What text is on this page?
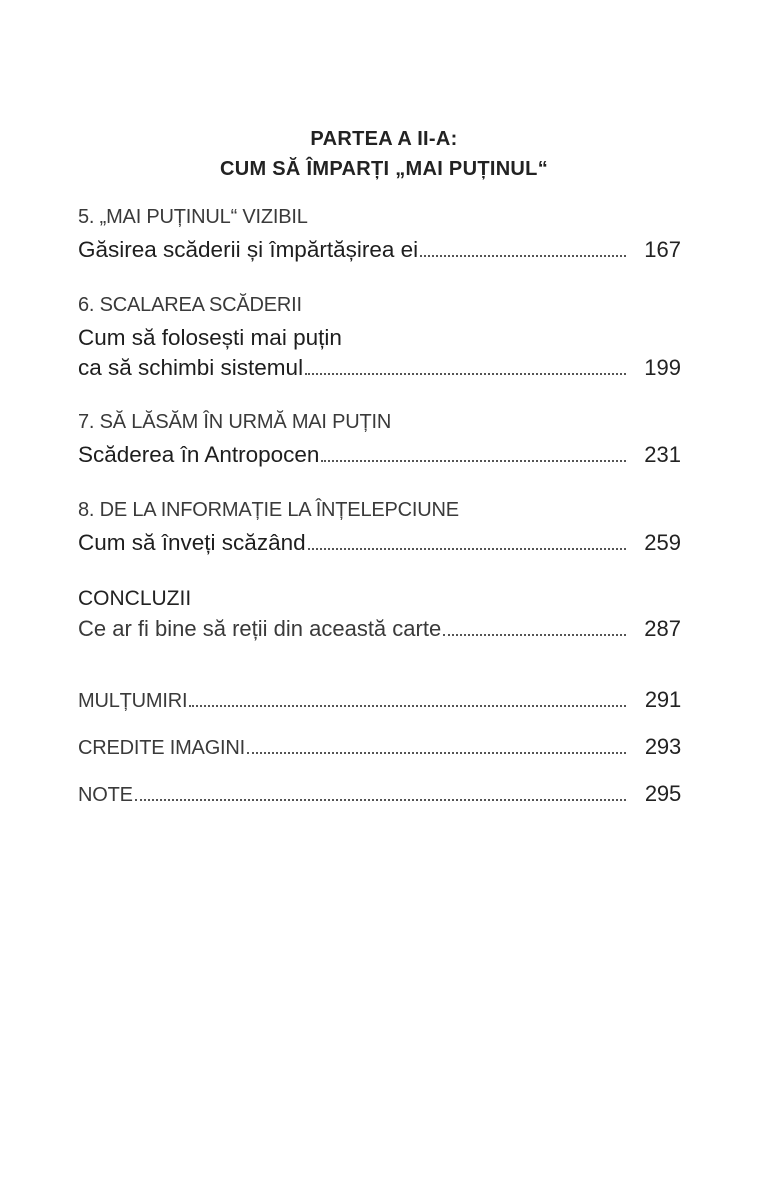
PARTEA A II-A:
CUM SĂ ÎMPARȚI „MAI PUȚINUL“
5. „MAI PUȚINUL“ VIZIBIL
Găsirea scăderii și împărtășirea ei	167
6. SCALAREA SCĂDERII
Cum să folosești mai puțin
ca să schimbi sistemul	199
7. SĂ LĂSĂM ÎN URMĂ MAI PUȚIN
Scăderea în Antropocen	231
8. DE LA INFORMAȚIE LA ÎNȚELEPCIUNE
Cum să înveți scăzând	259
CONCLUZII
Ce ar fi bine să reții din această carte	287
MULȚUMIRI	291
CREDITE IMAGINI	293
NOTE	295
